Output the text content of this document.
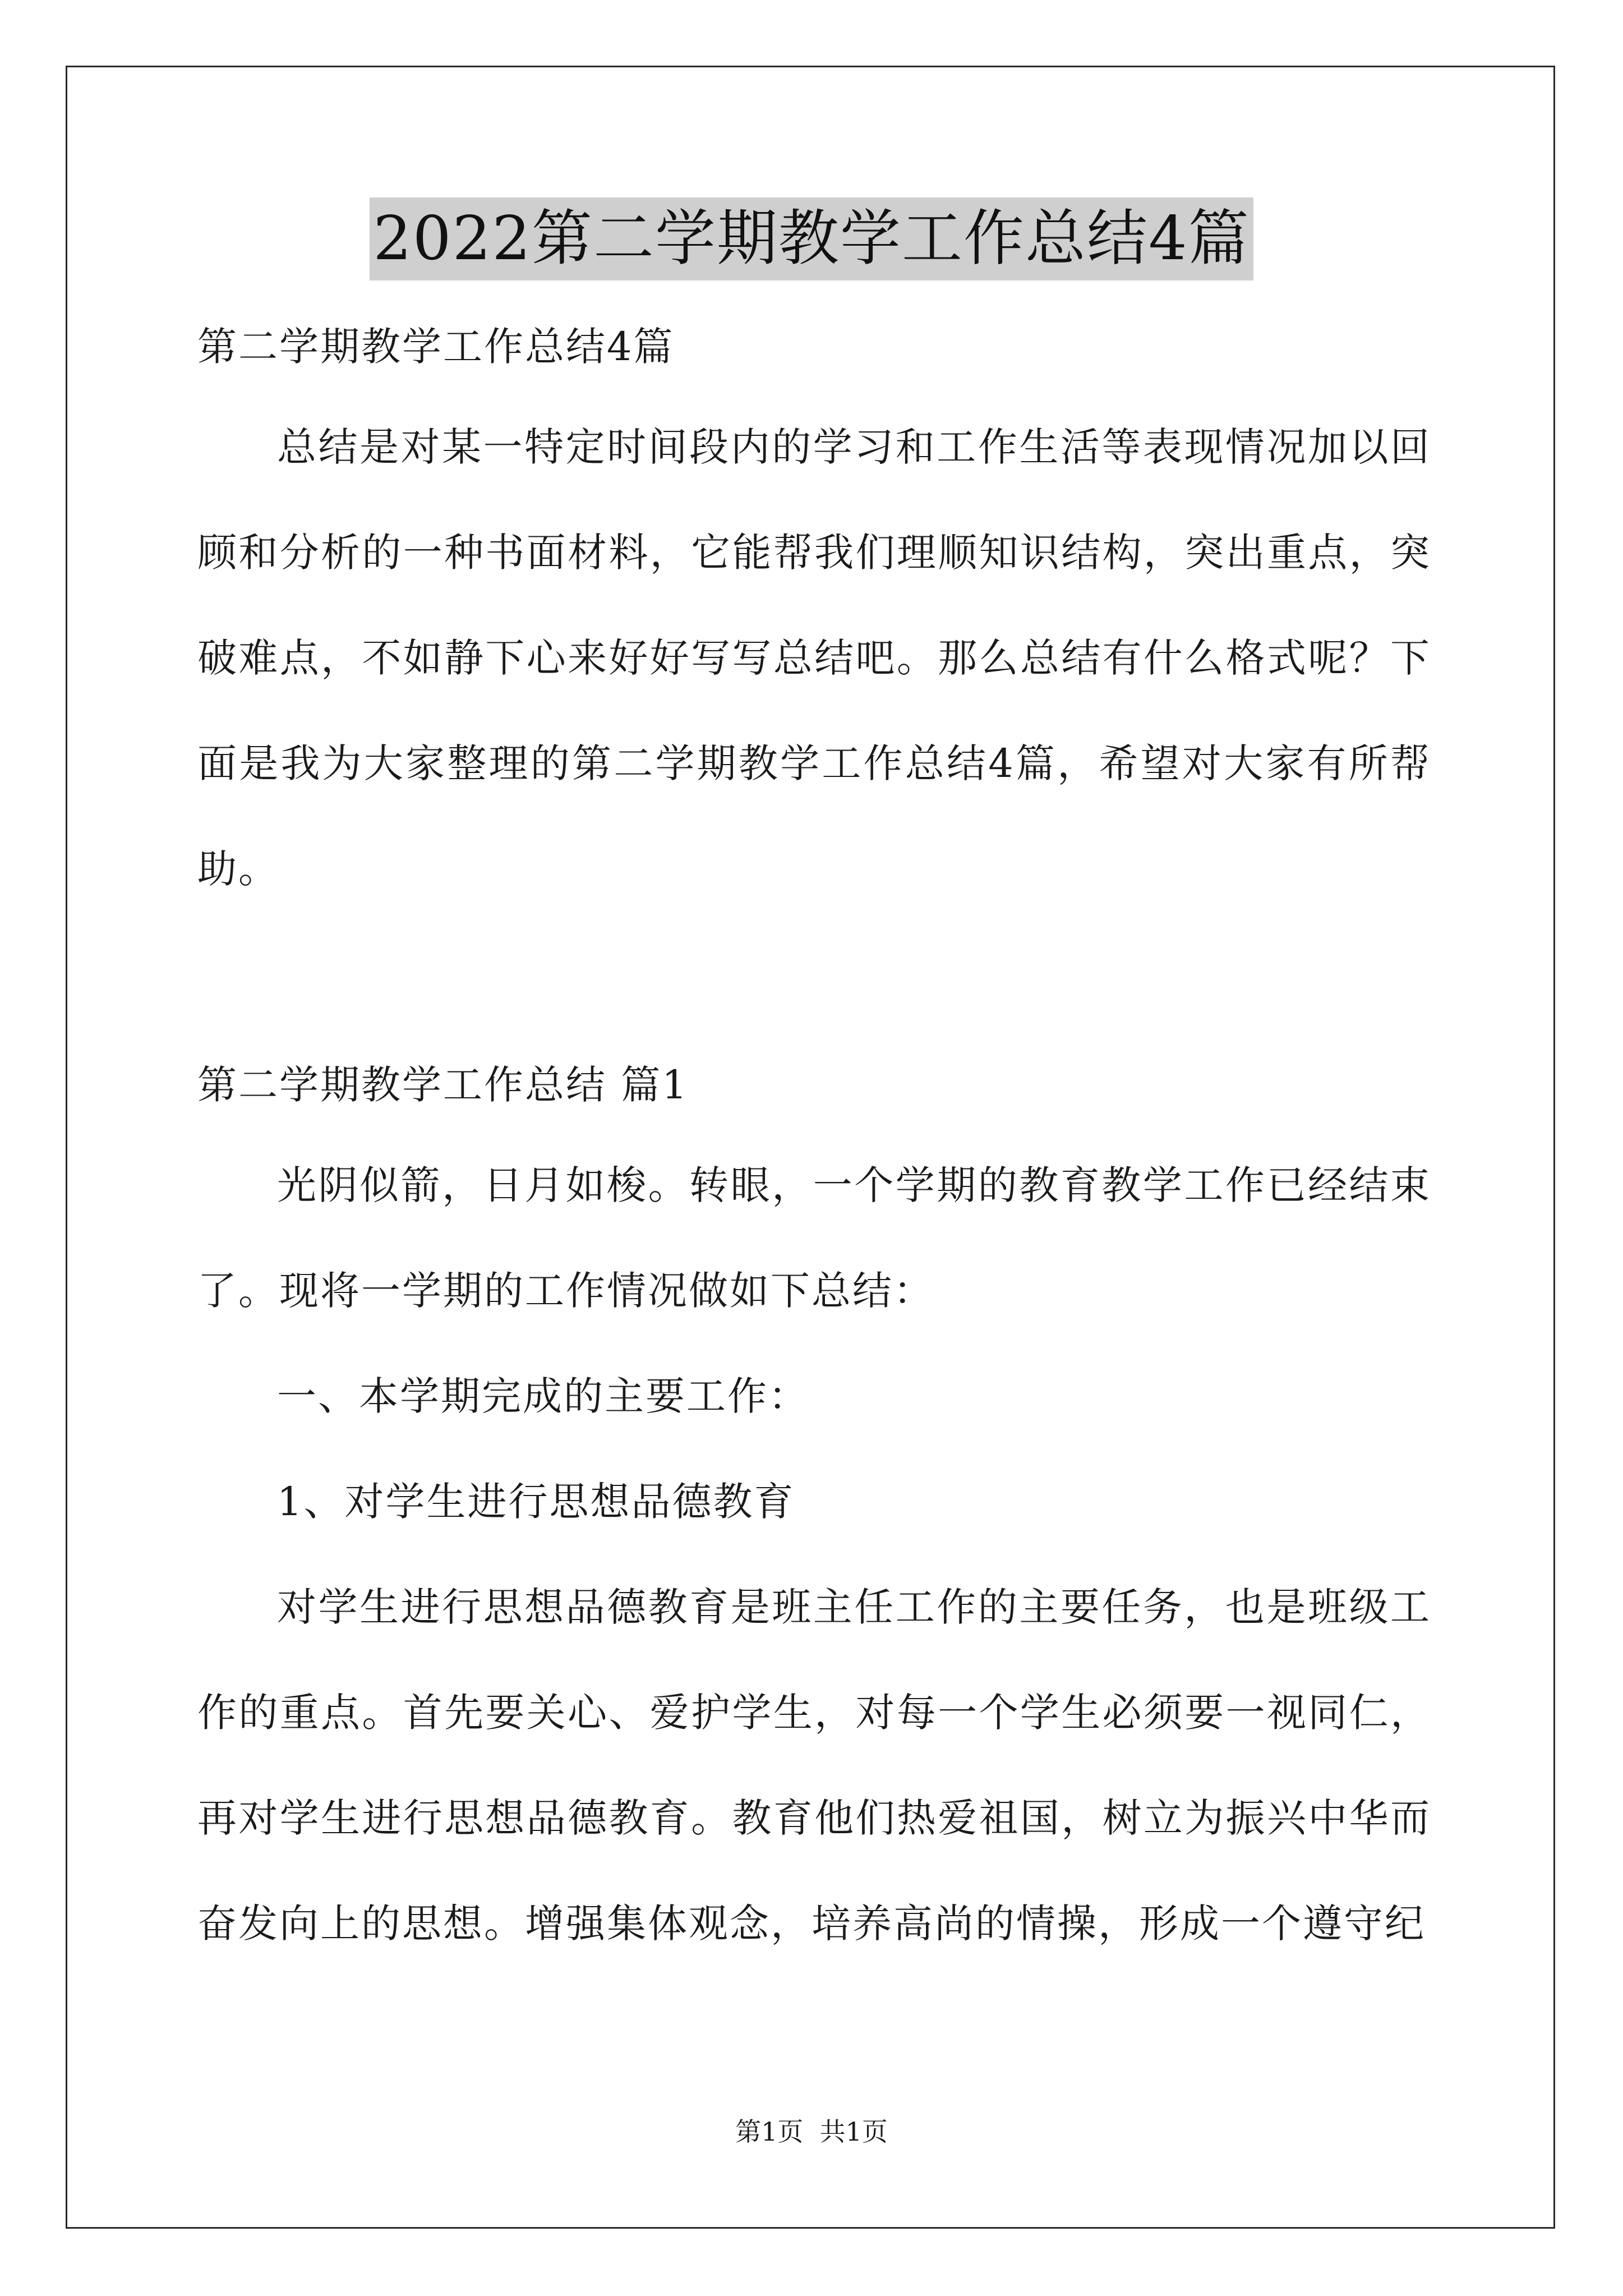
2022第二学期教学工作总结4篇

第二学期教学工作总结4篇

总结是对某一特定时间段内的学习和工作生活等表现情况加以回顾和分析的一种书面材料，它能帮我们理顺知识结构，突出重点，突破难点，不如静下心来好好写写总结吧。那么总结有什么格式呢？下面是我为大家整理的第二学期教学工作总结4篇，希望对大家有所帮助。

第二学期教学工作总结 篇1

光阴似箭，日月如梭。转眼，一个学期的教育教学工作已经结束了。现将一学期的工作情况做如下总结：

一、本学期完成的主要工作：

1、对学生进行思想品德教育

对学生进行思想品德教育是班主任工作的主要任务，也是班级工作的重点。首先要关心、爱护学生，对每一个学生必须要一视同仁，再对学生进行思想品德教育。教育他们热爱祖国，树立为振兴中华而奋发向上的思想。增强集体观念，培养高尚的情操，形成一个遵守纪

第1页  共1页
